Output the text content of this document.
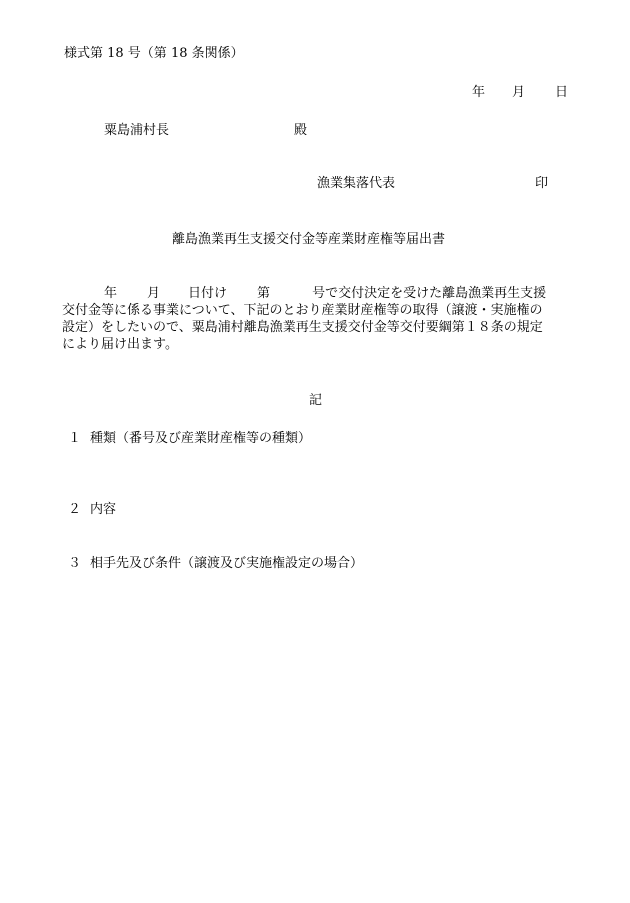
様式第 18 号（第 18 条関係）
年 月 日
粟島浦村長	殿
漁業集落代表	印
離島漁業再生支援交付金等産業財産権等届出書
年 月 日付け 第	号で交付決定を受けた離島漁業再生支援
交付金等に係る事業について、下記のとおり産業財産権等の取得（譲渡・実施権の
設定）をしたいので、粟島浦村離島漁業再生支援交付金等交付要綱第１８条の規定
により届け出ます。
記
１ 種類（番号及び産業財産権等の種類）
２ 内容
３ 相手先及び条件（譲渡及び実施権設定の場合）
